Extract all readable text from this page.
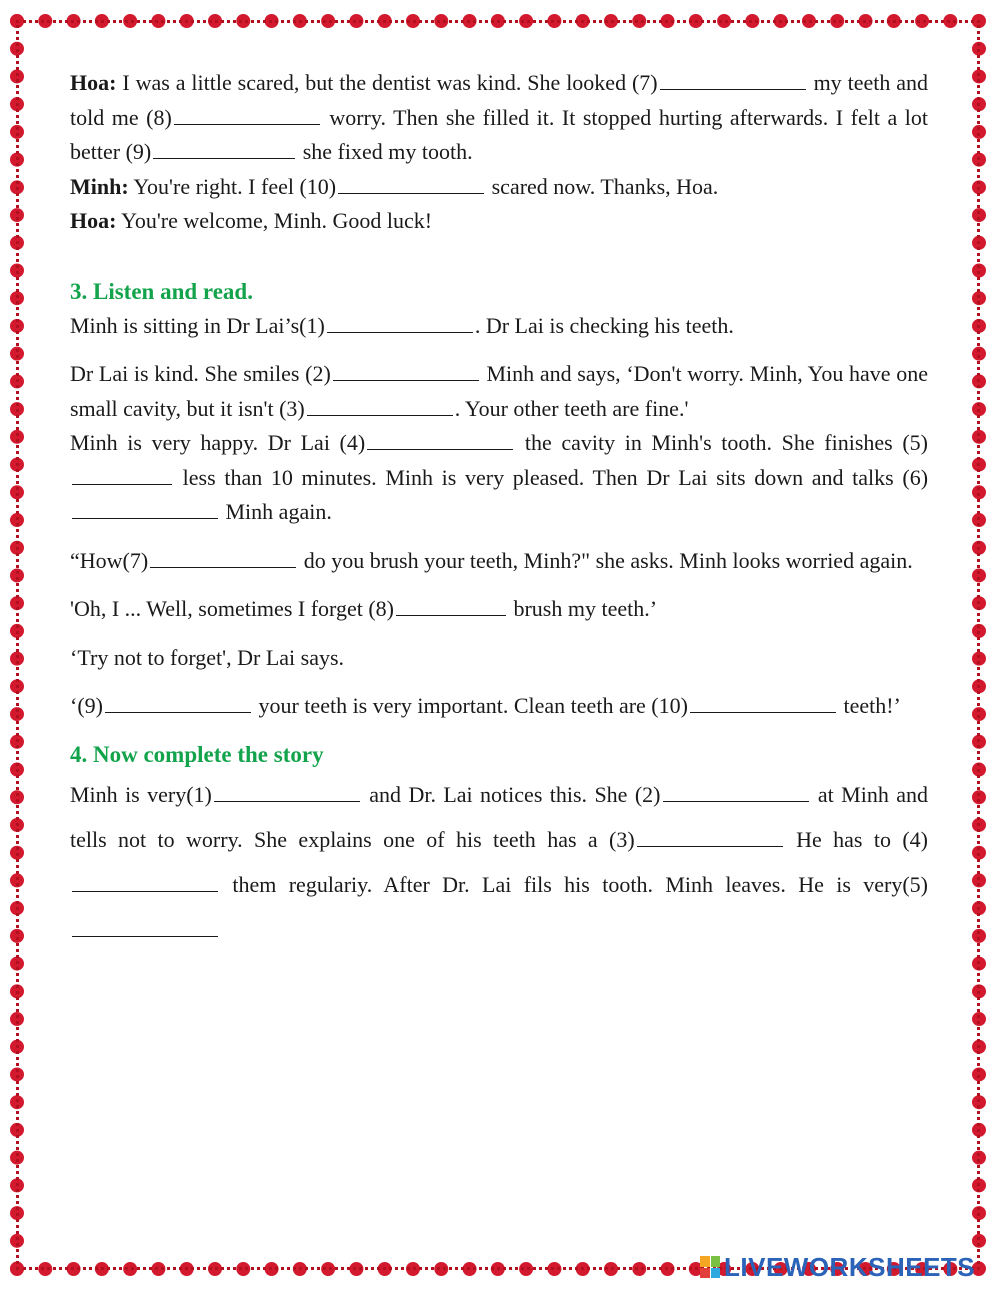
Hoa: I was a little scared, but the dentist was kind. She looked (7)	my teeth and told me (8)	worry. Then she filled it. It stopped hurting afterwards. I felt a lot better (9)	she fixed my tooth.

Minh: You're right. I feel (10)	scared now. Thanks, Hoa.

Hoa: You're welcome, Minh. Good luck!

3. Listen and read.

Minh is sitting in Dr Lai’s(1)	. Dr Lai is checking his teeth.

Dr Lai is kind. She smiles (2)	Minh and says, ‘Don't worry. Minh, You have one small cavity, but it isn't (3)	. Your other teeth are fine.'

Minh is very happy. Dr Lai (4)	the cavity in Minh's tooth. She finishes (5) less than 10 minutes. Minh is very pleased. Then Dr Lai sits down and talks (6) Minh again.

“How(7)	do you brush your teeth, Minh?" she asks. Minh looks worried again.

'Oh, I ... Well, sometimes I forget (8)	brush my teeth.’

‘Try not to forget', Dr Lai says.

‘(9)	your teeth is very important. Clean teeth are (10)	teeth!’

4. Now complete the story

Minh is very(1)	and Dr. Lai notices this. She (2)	at Minh and tells not to worry. She explains one of his teeth has a (3)	He has to (4) them regulariy. After Dr. Lai fils his tooth. Minh leaves. He is very(5)

LIVEWORKSHEETS
